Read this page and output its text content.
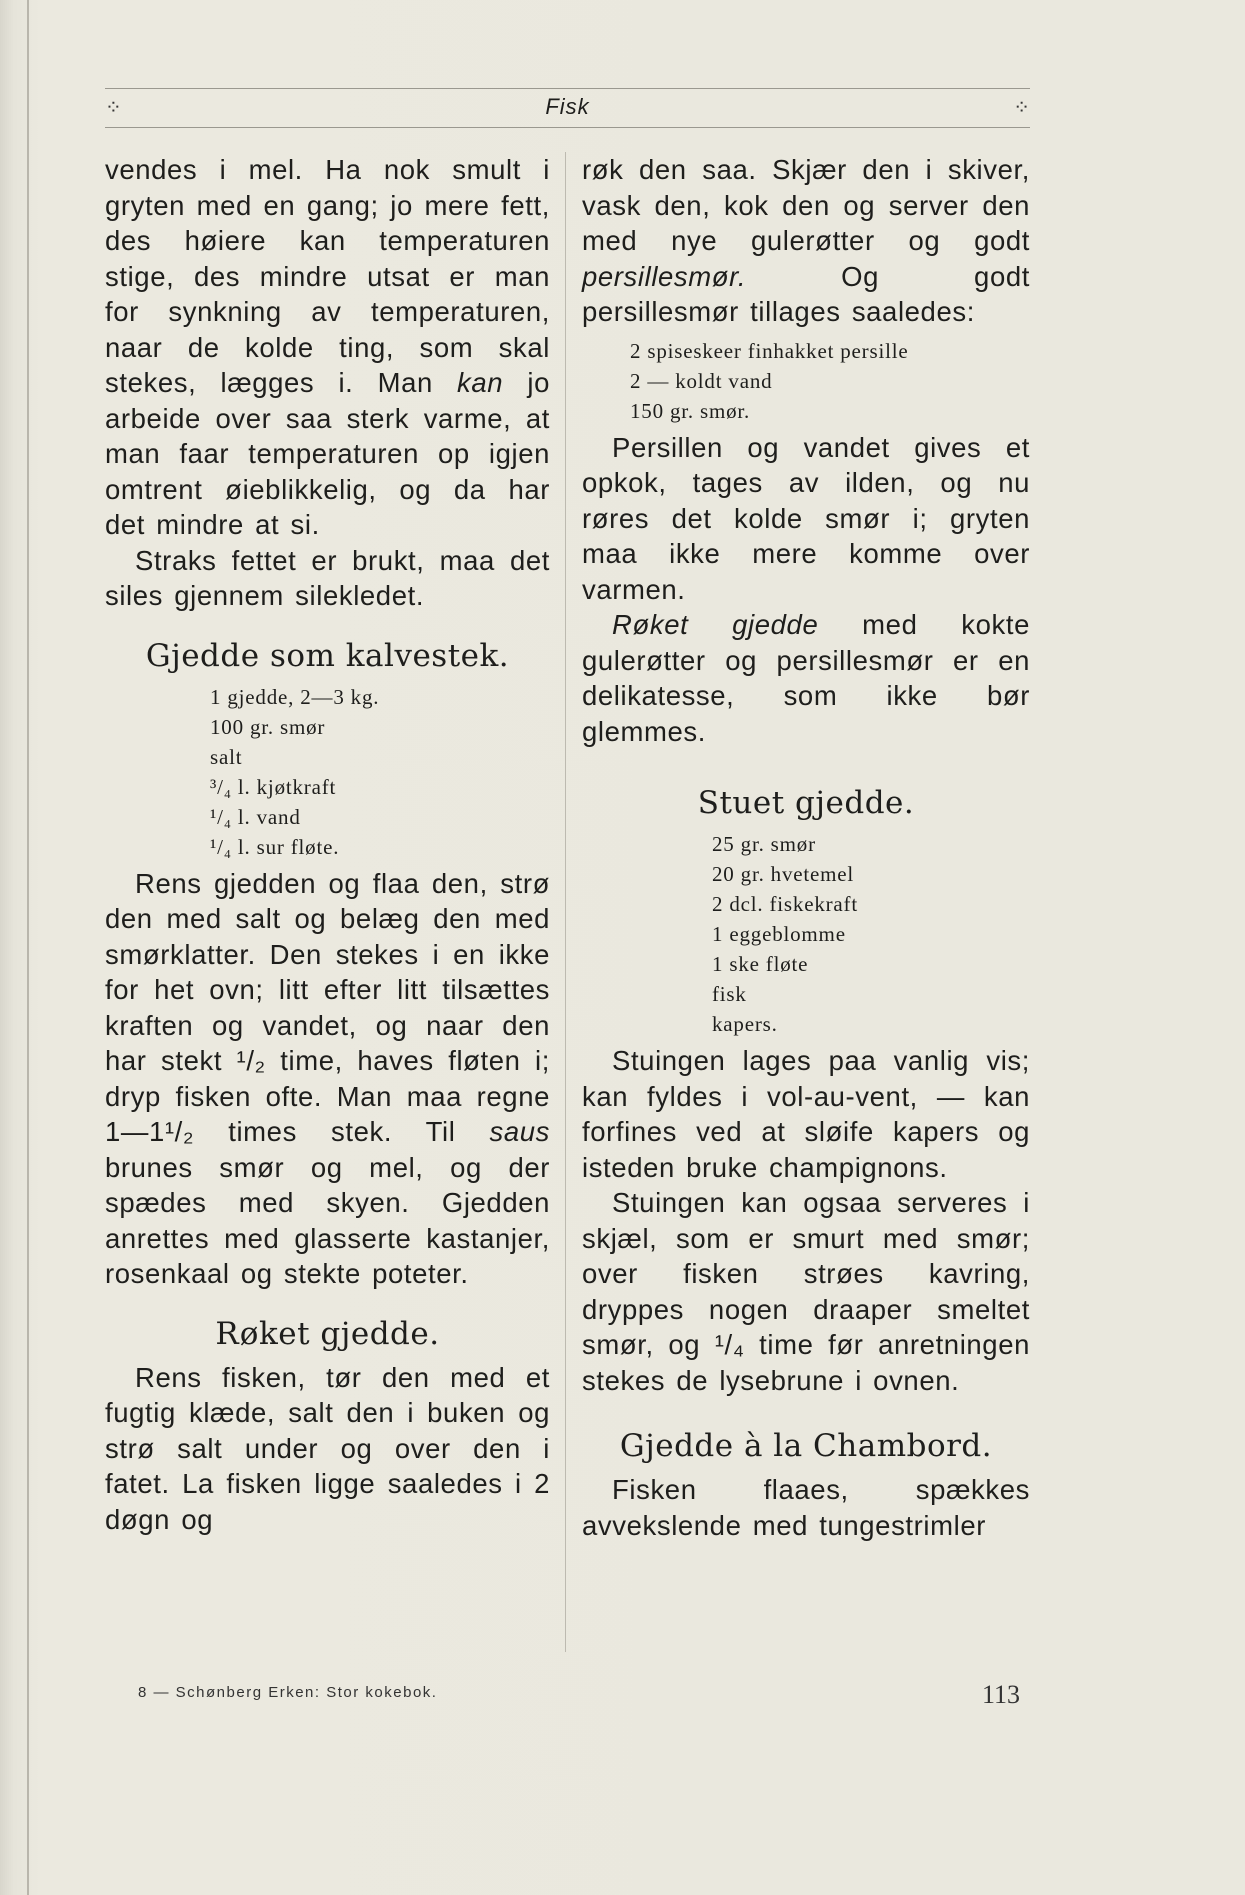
⁘	Fisk	⁘

vendes i mel. Ha nok smult i gryten med en gang; jo mere fett, des høiere kan temperaturen stige, des mindre utsat er man for synkning av temperaturen, naar de kolde ting, som skal stekes, lægges i. Man kan jo arbeide over saa sterk varme, at man faar temperaturen op igjen omtrent øieblikkelig, og da har det mindre at si.

Straks fettet er brukt, maa det siles gjennem silekledet.

Gjedde som kalvestek.
1 gjedde, 2—3 kg.
100 gr. smør
salt
³/₄ l. kjøtkraft
¹/₄ l. vand
¹/₄ l. sur fløte.

Rens gjedden og flaa den, strø den med salt og belæg den med smørklatter. Den stekes i en ikke for het ovn; litt efter litt tilsættes kraften og vandet, og naar den har stekt ¹/₂ time, haves fløten i; dryp fisken ofte. Man maa regne 1—1¹/₂ times stek. Til saus brunes smør og mel, og der spædes med skyen. Gjedden anrettes med glasserte kastanjer, rosenkaal og stekte poteter.

Røket gjedde.

Rens fisken, tør den med et fugtig klæde, salt den i buken og strø salt under og over den i fatet. La fisken ligge saaledes i 2 døgn og

røk den saa. Skjær den i skiver, vask den, kok den og server den med nye gulerøtter og godt persillesmør.	Og godt persillesmør tillages saaledes:

2 spiseskeer finhakket persille
2 — koldt vand
150 gr. smør.

Persillen og vandet gives et opkok, tages av ilden, og nu røres det kolde smør i; gryten maa ikke mere komme over varmen.

Røket gjedde med kokte gulerøtter og persillesmør er en delikatesse, som ikke bør glemmes.

Stuet gjedde.
25 gr. smør
20 gr. hvetemel
2 dcl. fiskekraft
1 eggeblomme
1 ske fløte
fisk
kapers.

Stuingen lages paa vanlig vis; kan fyldes i vol-au-vent, — kan forfines ved at sløife kapers og isteden bruke champignons.

Stuingen kan ogsaa serveres i skjæl, som er smurt med smør; over fisken strøes kavring, dryppes nogen draaper smeltet smør, og ¹/₄ time før anretningen stekes de lysebrune i ovnen.

Gjedde à la Chambord.

Fisken flaaes, spækkes avvekslende med tungestrimler

8 — Schønberg Erken: Stor kokebok.	113
